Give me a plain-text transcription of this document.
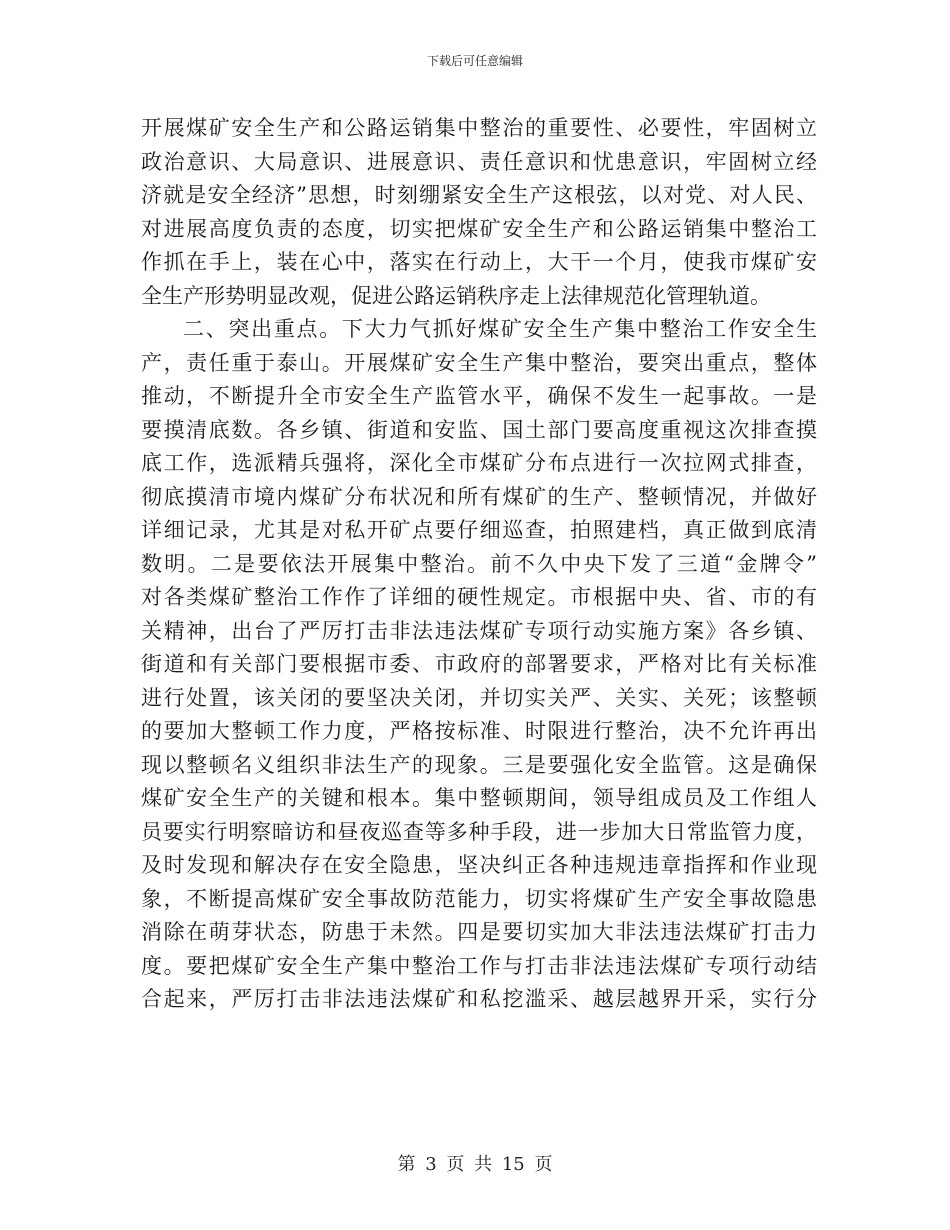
下载后可任意编辑
开展煤矿安全生产和公路运销集中整治的重要性、必要性，牢固树立
政治意识、大局意识、进展意识、责任意识和忧患意识，牢固树立经
济就是安全经济”思想，时刻绷紧安全生产这根弦，以对党、对人民、
对进展高度负责的态度，切实把煤矿安全生产和公路运销集中整治工
作抓在手上，装在心中，落实在行动上，大干一个月，使我市煤矿安
全生产形势明显改观，促进公路运销秩序走上法律规范化管理轨道。
二、突出重点。下大力气抓好煤矿安全生产集中整治工作安全生
产，责任重于泰山。开展煤矿安全生产集中整治，要突出重点，整体
推动，不断提升全市安全生产监管水平，确保不发生一起事故。一是
要摸清底数。各乡镇、街道和安监、国土部门要高度重视这次排查摸
底工作，选派精兵强将，深化全市煤矿分布点进行一次拉网式排查，
彻底摸清市境内煤矿分布状况和所有煤矿的生产、整顿情况，并做好
详细记录，尤其是对私开矿点要仔细巡查，拍照建档，真正做到底清
数明。二是要依法开展集中整治。前不久中央下发了三道“金牌令”
对各类煤矿整治工作作了详细的硬性规定。市根据中央、省、市的有
关精神，出台了严厉打击非法违法煤矿专项行动实施方案》各乡镇、
街道和有关部门要根据市委、市政府的部署要求，严格对比有关标准
进行处置，该关闭的要坚决关闭，并切实关严、关实、关死；该整顿
的要加大整顿工作力度，严格按标准、时限进行整治，决不允许再出
现以整顿名义组织非法生产的现象。三是要强化安全监管。这是确保
煤矿安全生产的关键和根本。集中整顿期间，领导组成员及工作组人
员要实行明察暗访和昼夜巡查等多种手段，进一步加大日常监管力度，
及时发现和解决存在安全隐患，坚决纠正各种违规违章指挥和作业现
象，不断提高煤矿安全事故防范能力，切实将煤矿生产安全事故隐患
消除在萌芽状态，防患于未然。四是要切实加大非法违法煤矿打击力
度。要把煤矿安全生产集中整治工作与打击非法违法煤矿专项行动结
合起来，严厉打击非法违法煤矿和私挖滥采、越层越界开采，实行分
第 3 页 共 15 页
